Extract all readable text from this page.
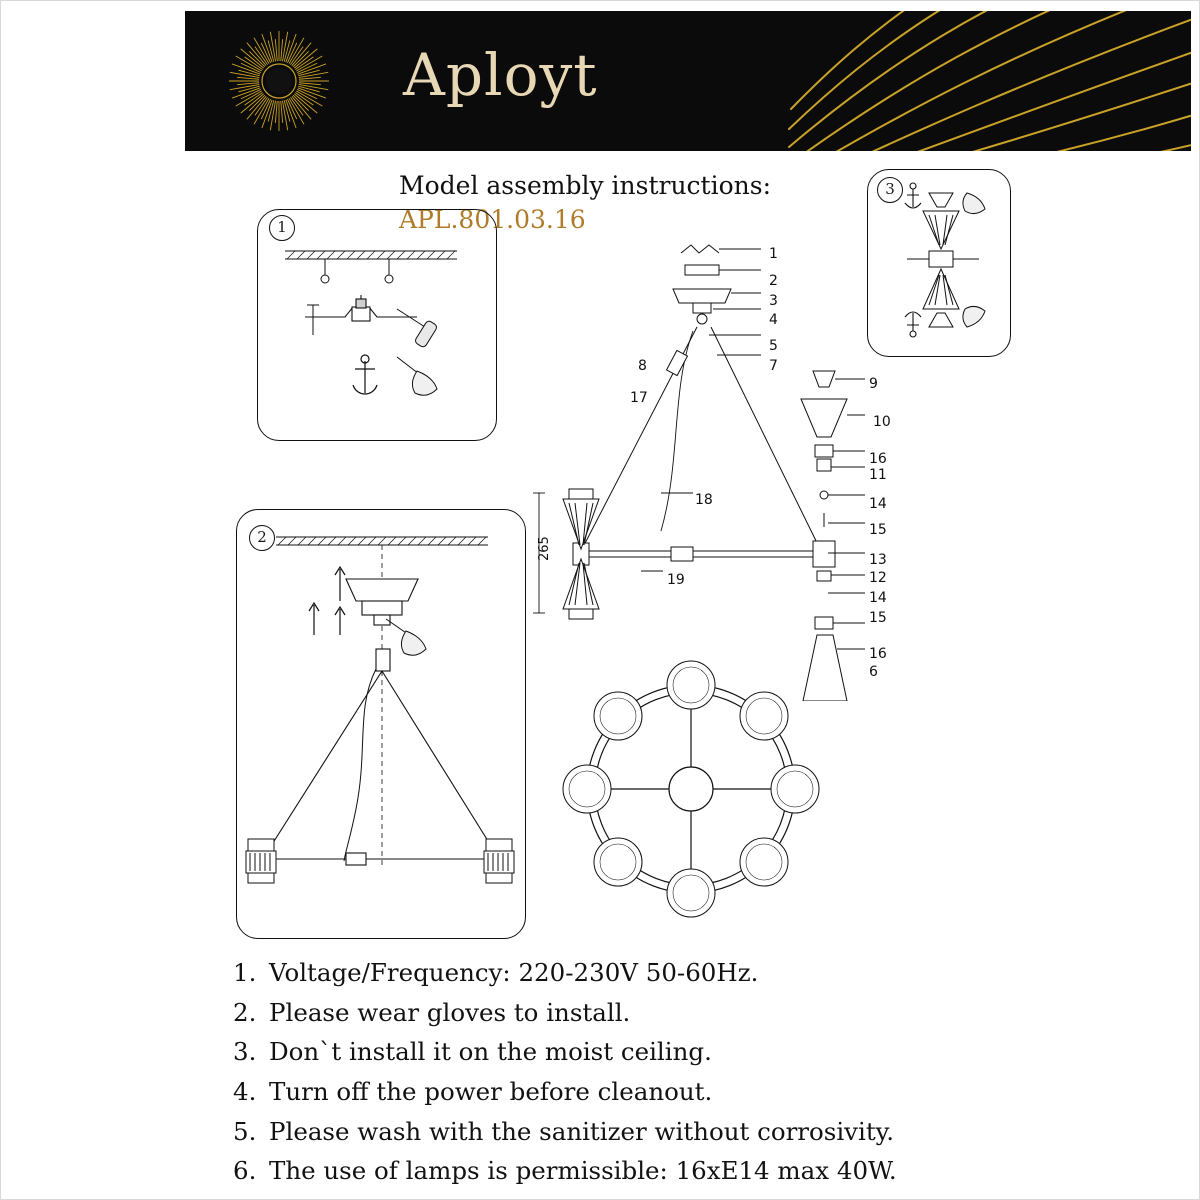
Aployt
Model assembly instructions:
APL.801.03.16
1
2
3
265
1
2
3
4
5
7
8
17
18
19
9
10
16
11
14
15
13
12
14
15
16
6
1. Voltage/Frequency: 220-230V 50-60Hz.
2. Please wear gloves to install.
3. Don`t install it on the moist ceiling.
4. Turn off the power before cleanout.
5. Please wash with the sanitizer without corrosivity.
6. The use of lamps is permissible: 16xE14 max 40W.
